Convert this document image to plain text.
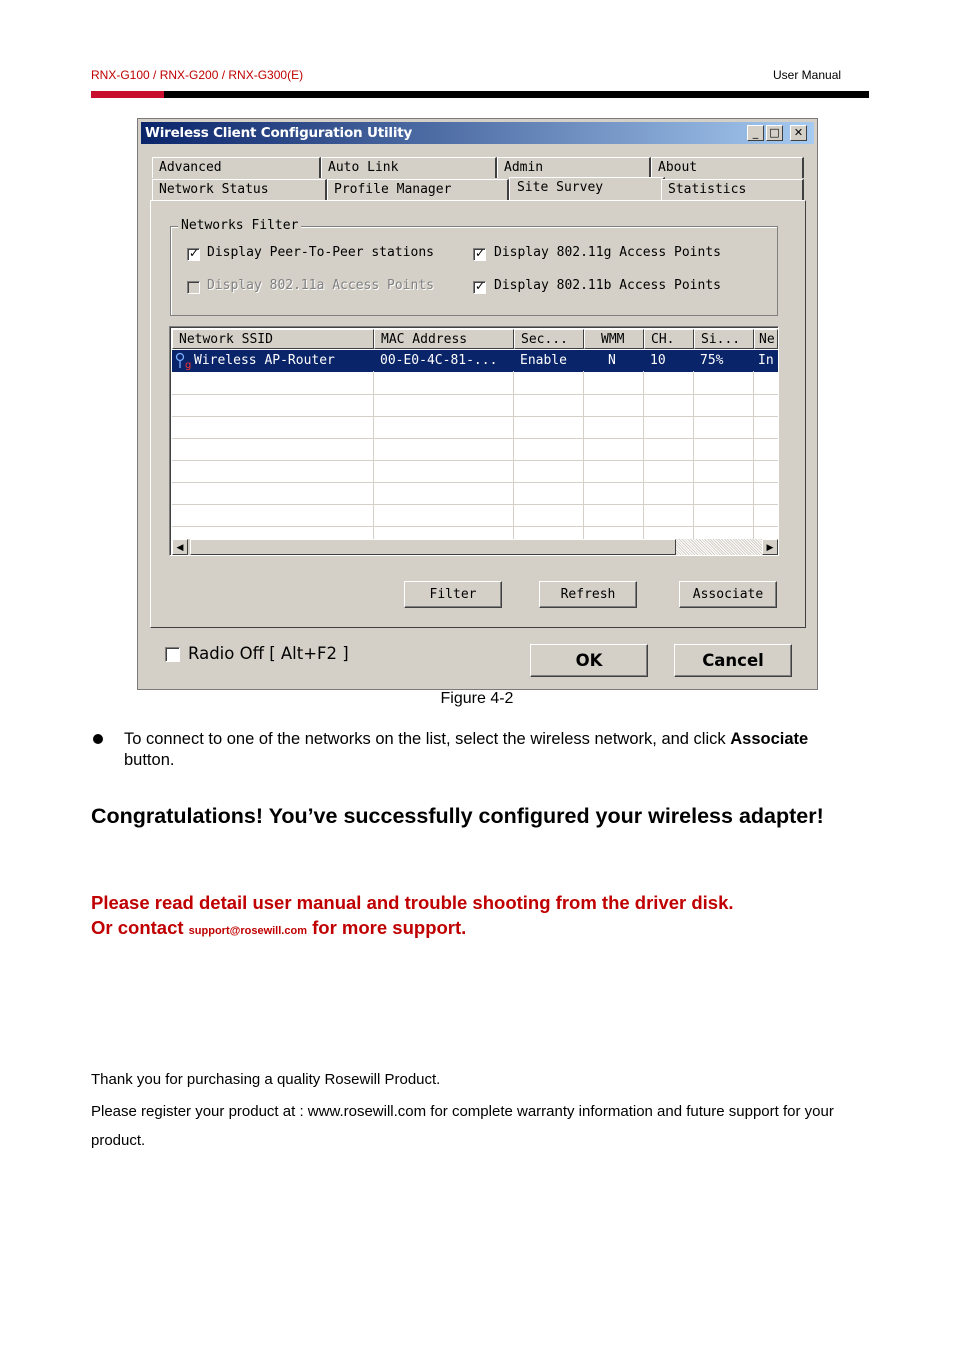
RNX-G100 / RNX-G200 / RNX-G300(E)	User Manual
Wireless Client Configuration Utility	_	□	✕
Advanced	Auto Link	Admin	About
Network Status	Profile Manager	Site Survey	Statistics
Networks Filter
✓ Display Peer-To-Peer stations	✓ Display 802.11g Access Points
Display 802.11a Access Points	✓ Display 802.11b Access Points
Network SSID	MAC Address	Sec...	WMM	CH.	Si...	Ne
g Wireless AP-Router	00-E0-4C-81-...	Enable	N	10	75%	In
◀	▶
Filter	Refresh	Associate
Radio Off [ Alt+F2 ]	OK	Cancel
Figure 4-2
To connect to one of the networks on the list, select the wireless network, and click Associate
button.
Congratulations! You’ve successfully configured your wireless adapter!
Please read detail user manual and trouble shooting from the driver disk.
Or contact support@rosewill.com for more support.
Thank you for purchasing a quality Rosewill Product.
Please register your product at : www.rosewill.com for complete warranty information and future support for your product.
